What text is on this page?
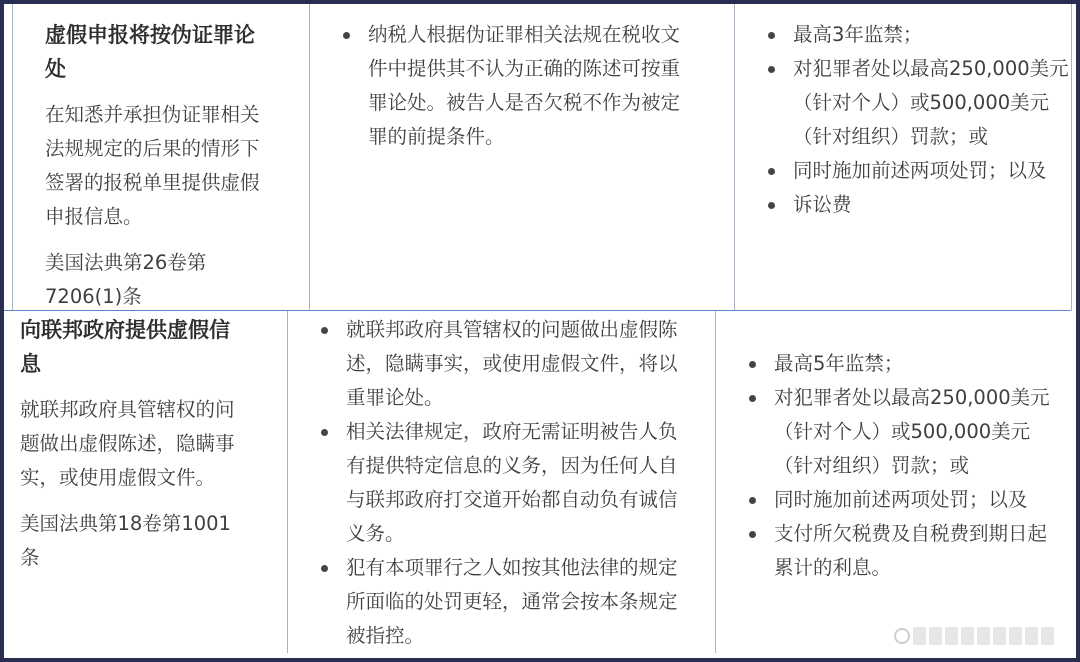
虚假申报将按伪证罪论处
在知悉并承担伪证罪相关法规规定的后果的情形下签署的报税单里提供虚假申报信息。
美国法典第26卷第7206(1)条
纳税人根据伪证罪相关法规在税收文件中提供其不认为正确的陈述可按重罪论处。被告人是否欠税不作为被定罪的前提条件。
最高3年监禁；
对犯罪者处以最高250,000美元（针对个人）或500,000美元（针对组织）罚款；或
同时施加前述两项处罚；以及
诉讼费
向联邦政府提供虚假信息
就联邦政府具管辖权的问题做出虚假陈述，隐瞒事实，或使用虚假文件。
美国法典第18卷第1001条
就联邦政府具管辖权的问题做出虚假陈述，隐瞒事实，或使用虚假文件，将以重罪论处。
相关法律规定，政府无需证明被告人负有提供特定信息的义务，因为任何人自与联邦政府打交道开始都自动负有诚信义务。
犯有本项罪行之人如按其他法律的规定所面临的处罚更轻，通常会按本条规定被指控。
最高5年监禁；
对犯罪者处以最高250,000美元（针对个人）或500,000美元（针对组织）罚款；或
同时施加前述两项处罚；以及
支付所欠税费及自税费到期日起累计的利息。
